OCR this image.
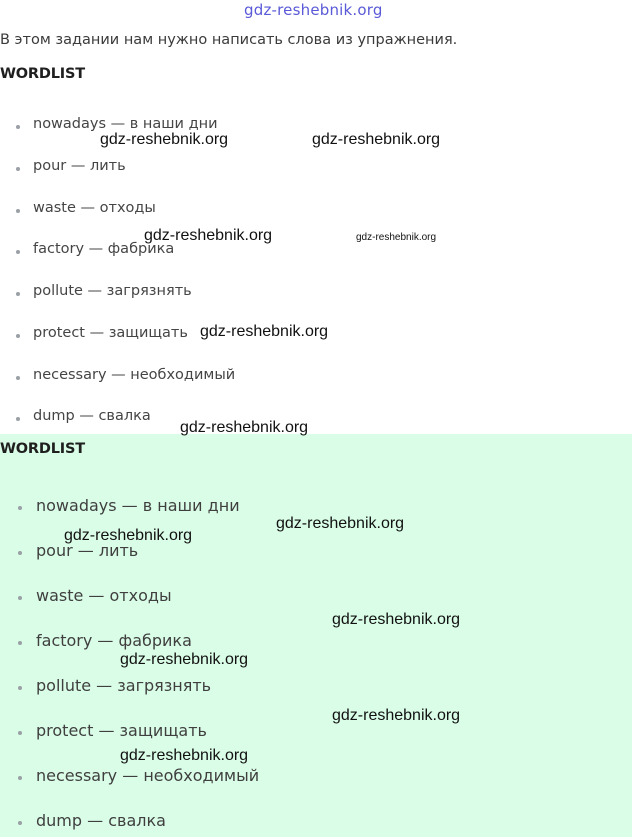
gdz-reshebnik.org
В этом задании нам нужно написать слова из упражнения.
WORDLIST
nowadays — в наши дни
pour — лить
waste — отходы
factory — фабрика
pollute — загрязнять
protect — защищать
necessary — необходимый
dump — свалка
WORDLIST
nowadays — в наши дни
pour — лить
waste — отходы
factory — фабрика
pollute — загрязнять
protect — защищать
necessary — необходимый
dump — свалка
gdz-reshebnik.org	gdz-reshebnik.org
gdz-reshebnik.org	gdz-reshebnik.org
gdz-reshebnik.org
gdz-reshebnik.org
gdz-reshebnik.org
gdz-reshebnik.org
gdz-reshebnik.org
gdz-reshebnik.org
gdz-reshebnik.org
gdz-reshebnik.org
